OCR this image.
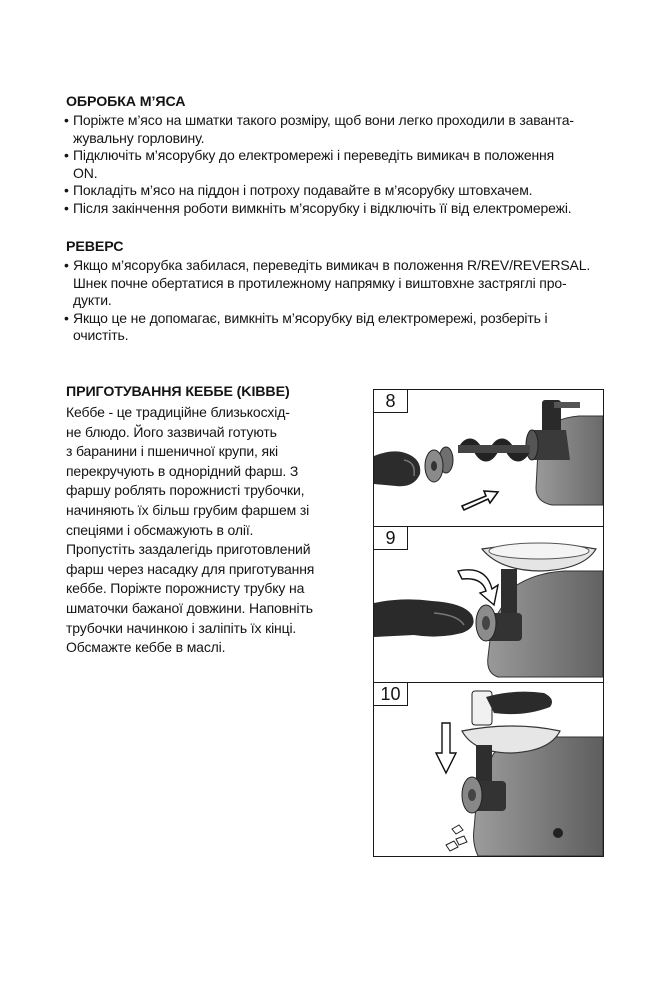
ОБРОБКА М’ЯСА
• Поріжте м’ясо на шматки такого розміру, щоб вони легко проходили в заванта-
жувальну горловину.
• Підключіть м’ясорубку до електромережі і переведіть вимикач в положення
ON.
• Покладіть м’ясо на піддон і потроху подавайте в м’ясорубку штовхачем.
• Після закінчення роботи вимкніть м’ясорубку і відключіть її від електромережі.
РЕВЕРС
• Якщо м’ясорубка забилася, переведіть вимикач в положення R/REV/REVERSAL.
Шнек почне обертатися в протилежному напрямку і виштовхне застряглі про-
дукти.
• Якщо це не допомагає, вимкніть м’ясорубку від електромережі, розберіть і
очистіть.
ПРИГОТУВАННЯ КЕББЕ (KIBBE)

Кеббе - це традиційне близькосхід-
не блюдо. Його зазвичай готують
з баранини і пшеничної крупи, які
перекручують в однорідний фарш. З
фаршу роблять порожнисті трубочки,
начиняють їх більш грубим фаршем зі
спеціями і обсмажують в олії.
Пропустіть заздалегідь приготовлений
фарш через насадку для приготування
кеббе. Поріжте порожнисту трубку на
шматочки бажаної довжини. Наповніть
трубочки начинкою і заліпіть їх кінці.
Обсмажте кеббе в маслі.

8
9
10
